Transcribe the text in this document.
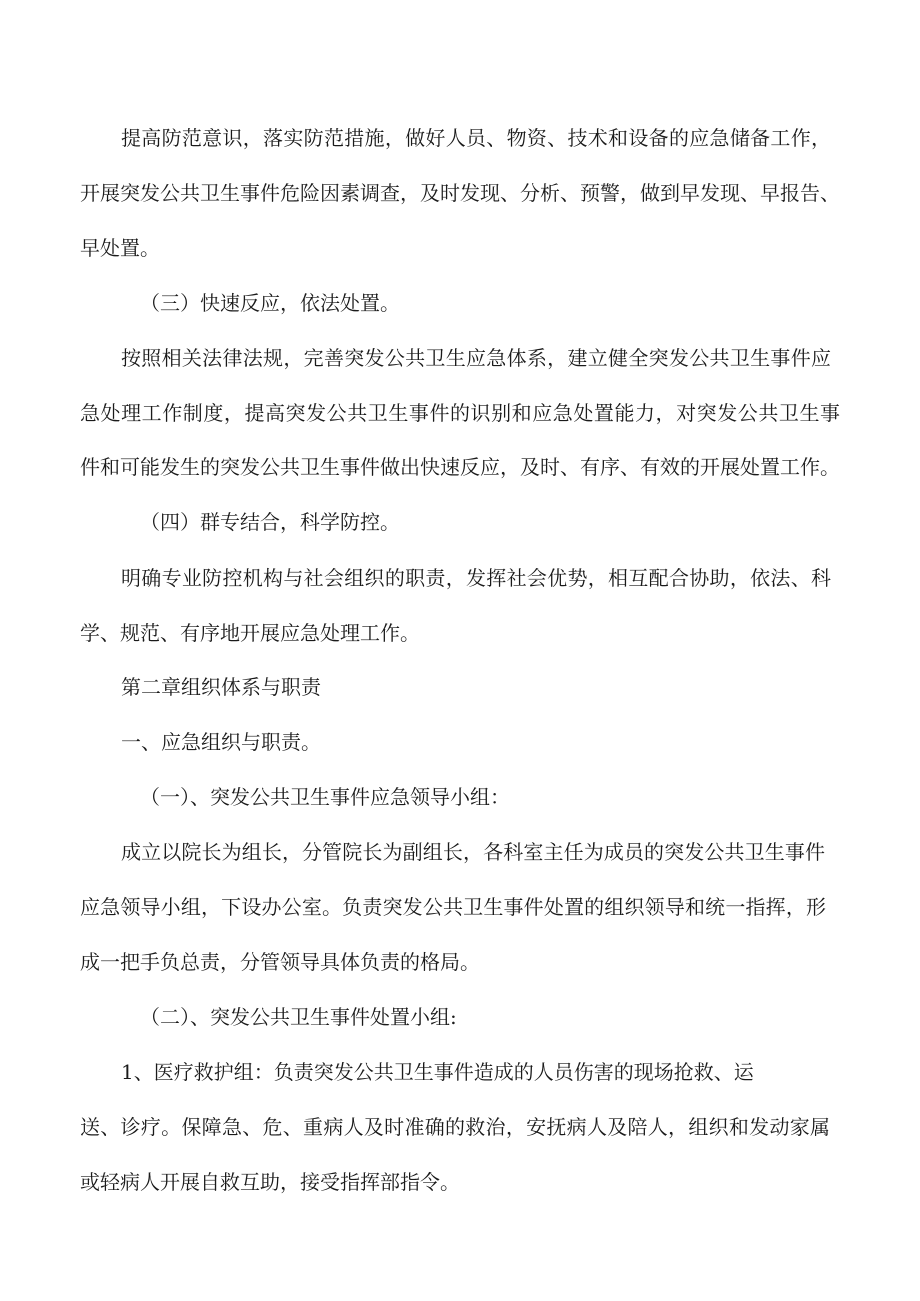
提高防范意识，落实防范措施，做好人员、物资、技术和设备的应急储备工作，
开展突发公共卫生事件危险因素调查，及时发现、分析、预警，做到早发现、早报告、
早处置。
（三）快速反应，依法处置。
按照相关法律法规，完善突发公共卫生应急体系，建立健全突发公共卫生事件应
急处理工作制度，提高突发公共卫生事件的识别和应急处置能力，对突发公共卫生事
件和可能发生的突发公共卫生事件做出快速反应，及时、有序、有效的开展处置工作。
（四）群专结合，科学防控。
明确专业防控机构与社会组织的职责，发挥社会优势，相互配合协助，依法、科
学、规范、有序地开展应急处理工作。
第二章组织体系与职责
一、应急组织与职责。
（一）、突发公共卫生事件应急领导小组：
成立以院长为组长，分管院长为副组长，各科室主任为成员的突发公共卫生事件
应急领导小组，下设办公室。负责突发公共卫生事件处置的组织领导和统一指挥，形
成一把手负总责，分管领导具体负责的格局。
（二）、突发公共卫生事件处置小组:
1、医疗救护组：负责突发公共卫生事件造成的人员伤害的现场抢救、运
送、诊疗。保障急、危、重病人及时准确的救治，安抚病人及陪人，组织和发动家属
或轻病人开展自救互助，接受指挥部指令。
